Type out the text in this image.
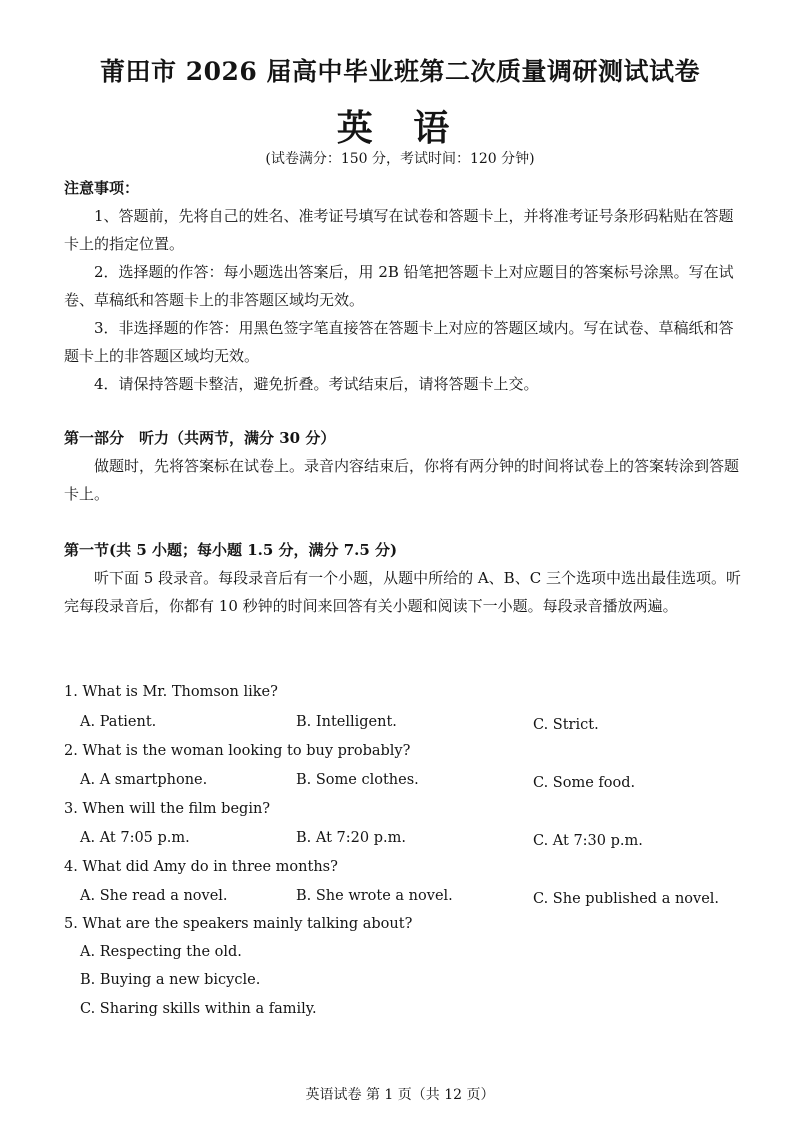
莆田市 2026 届高中毕业班第二次质量调研测试试卷
英 语
(试卷满分：150 分，考试时间：120 分钟)
注意事项：
1、答题前，先将自己的姓名、准考证号填写在试卷和答题卡上，并将准考证号条形码粘贴在答题卡上的指定位置。
2．选择题的作答：每小题选出答案后，用 2B 铅笔把答题卡上对应题目的答案标号涂黑。写在试卷、草稿纸和答题卡上的非答题区域均无效。
3．非选择题的作答：用黑色签字笔直接答在答题卡上对应的答题区域内。写在试卷、草稿纸和答题卡上的非答题区域均无效。
4．请保持答题卡整洁，避免折叠。考试结束后，请将答题卡上交。
第一部分　听力（共两节，满分 30 分）
做题时，先将答案标在试卷上。录音内容结束后，你将有两分钟的时间将试卷上的答案转涂到答题卡上。
第一节(共 5 小题；每小题 1.5 分，满分 7.5 分)
听下面 5 段录音。每段录音后有一个小题，从题中所给的 A、B、C 三个选项中选出最佳选项。听完每段录音后，你都有 10 秒钟的时间来回答有关小题和阅读下一小题。每段录音播放两遍。
1. What is Mr. Thomson like?
A. Patient.	B. Intelligent.	C. Strict.
2. What is the woman looking to buy probably?
A. A smartphone.	B. Some clothes.	C. Some food.
3. When will the film begin?
A. At 7:05 p.m.	B. At 7:20 p.m.	C. At 7:30 p.m.
4. What did Amy do in three months?
A. She read a novel.	B. She wrote a novel.	C. She published a novel.
5. What are the speakers mainly talking about?
A. Respecting the old.
B. Buying a new bicycle.
C. Sharing skills within a family.
英语试卷 第 1 页（共 12 页）
